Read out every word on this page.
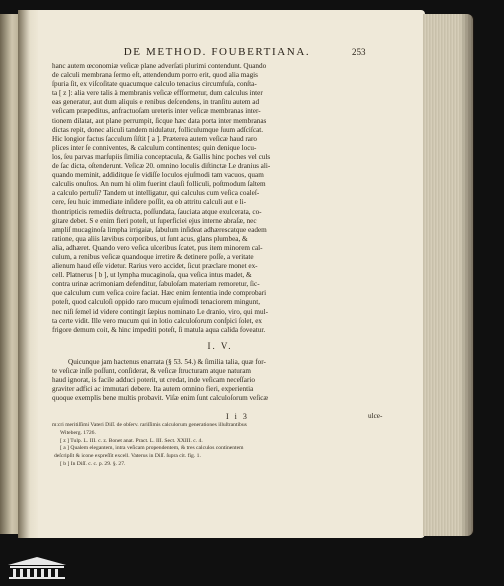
DE METHOD. FOUBERTIANA.	253
hanc autem œconomiæ veſicæ plane adverſati plurimi contendunt. Quando
de calculi membrana ſermo eſt, attendendum porro erit, quod alia magis
ſpuria ſit, ex viſcoſitate quacumque calculo tenacius circumfuſa, conſta-
ta [ z ]: alia vere talis à membranis veſicæ effſormetur, dum calculus inter
eas generatur, aut dum aliquis e renibus deſcendens, in tranſitu autem ad
veſicam præpeditus, anfractuoſam ureteris inter veſicæ membranas inter-
tionem dilatat, aut plane perrumpit, ſicque hæc data porta inter membranas
dictas repit, donec aliculi tandem nidulatur, folliculumque ſuum adſciſcat.
Hic longior factus ſacculum ſiſtit [ a ]. Præterea autem veſicæ haud raro
plices inter ſe conniventes, & calculum continentes; quin denique locu-
los, ſeu parvas marſupiis ſimilia conceptacula, & Gallis hinc poches vel culs
de ſac dicta, oſtenderunt. Veſicæ 20. omnino loculis diſtinctæ Le dranius ali-
quando meminit, addiditque ſe vidiſſe loculos ejuſmodi tam vacuos, quam
calculis onuſtos. An num hi olim fuerint clauſi folliculi, poſtmodum ſaltem
a calculo pertuſi? Tandem ut intelligatur, qui calculus cum veſica coaleſ-
cere, ſeu huic immediate inſidere poſſit, ea ob attritu calculi aut e li-
thontripticis remediis deſtructa, poſſundata, ſauciata atque exulcerata, co-
gitare debet. S e enim fieri poteſt, ut ſuperficiei ejus interne abraſæ, nec
ampliſ mucaginoſa limpha irrigaiæ, ſabulum inſideat adhærescatque eadem
ratione, qua aliis lævibus corporibus, ut ſunt acus, glans plumbea, &
alia, adhæret. Quando vero veſica ulceribus ſcatet, pus item minorem cal-
culum, a renibus veſicæ quandoque irretire & detinere poſſe, a veritate
alienum haud eſſe videtur. Rarius vero accidet, ſicut præclare monet ex-
cell. Platnerus [ b ], ut lympha mucaginoſa, qua veſica intus madet, &
contra urinæ acrimoniam defenditur, ſabuloſam materiam remoretur, ſic-
que calculum cum veſica coire faciat. Hæc enim ſententia inde comprobari
poteſt, quod calculoſi oppido raro mucum ejuſmodi tenaciorem mingunt,
nec niſi ſemel id videre contingit ſæpius nominato Le dranio, viro, qui mul-
ta certe vidit. Ille vero mucum qui in lotio calculoſorum conſpici ſolet, ex
frigore demum coit, & hinc impediti poteſt, ſi matula aqua calida foveatur.
I. V.
Quicunque jam hactenus enarrata (§ 53. 54.) & ſimilia talia, quæ for-
te veſicæ inſſe poſſunt, conſiderat, & veſicæ ſtructuram atque naturam
haud ignorat, is facile adduci poterit, ut credat, inde veſicam neceſſario
graviter adfici ac immutari debere. Ita autem omnino fieri, experientia
quoque exemplis bene multis probavit. Viſæ enim ſunt calculoſorum veſicæ
I i 3	ulce-
m:cri meritiſſimi Vateri Diſſ. de obſerv. rariſſimis calculorum generationes illuſtrantibus
Witeberg. 1726.
[ z ] Tulp. L. III. c. z. Bonet anat. Pract. L. III. Sect. XXIII. c. 4.
[ a ] Qualem elegantem, intra veſicam propendentem, & tres calculos continentem
deſcripſit & icone expreſſit excell. Vaterus in Diſſ. ſupra cit. fig. 1.
[ b ] In Diſſ. c. c. p. 29. §. 27.
